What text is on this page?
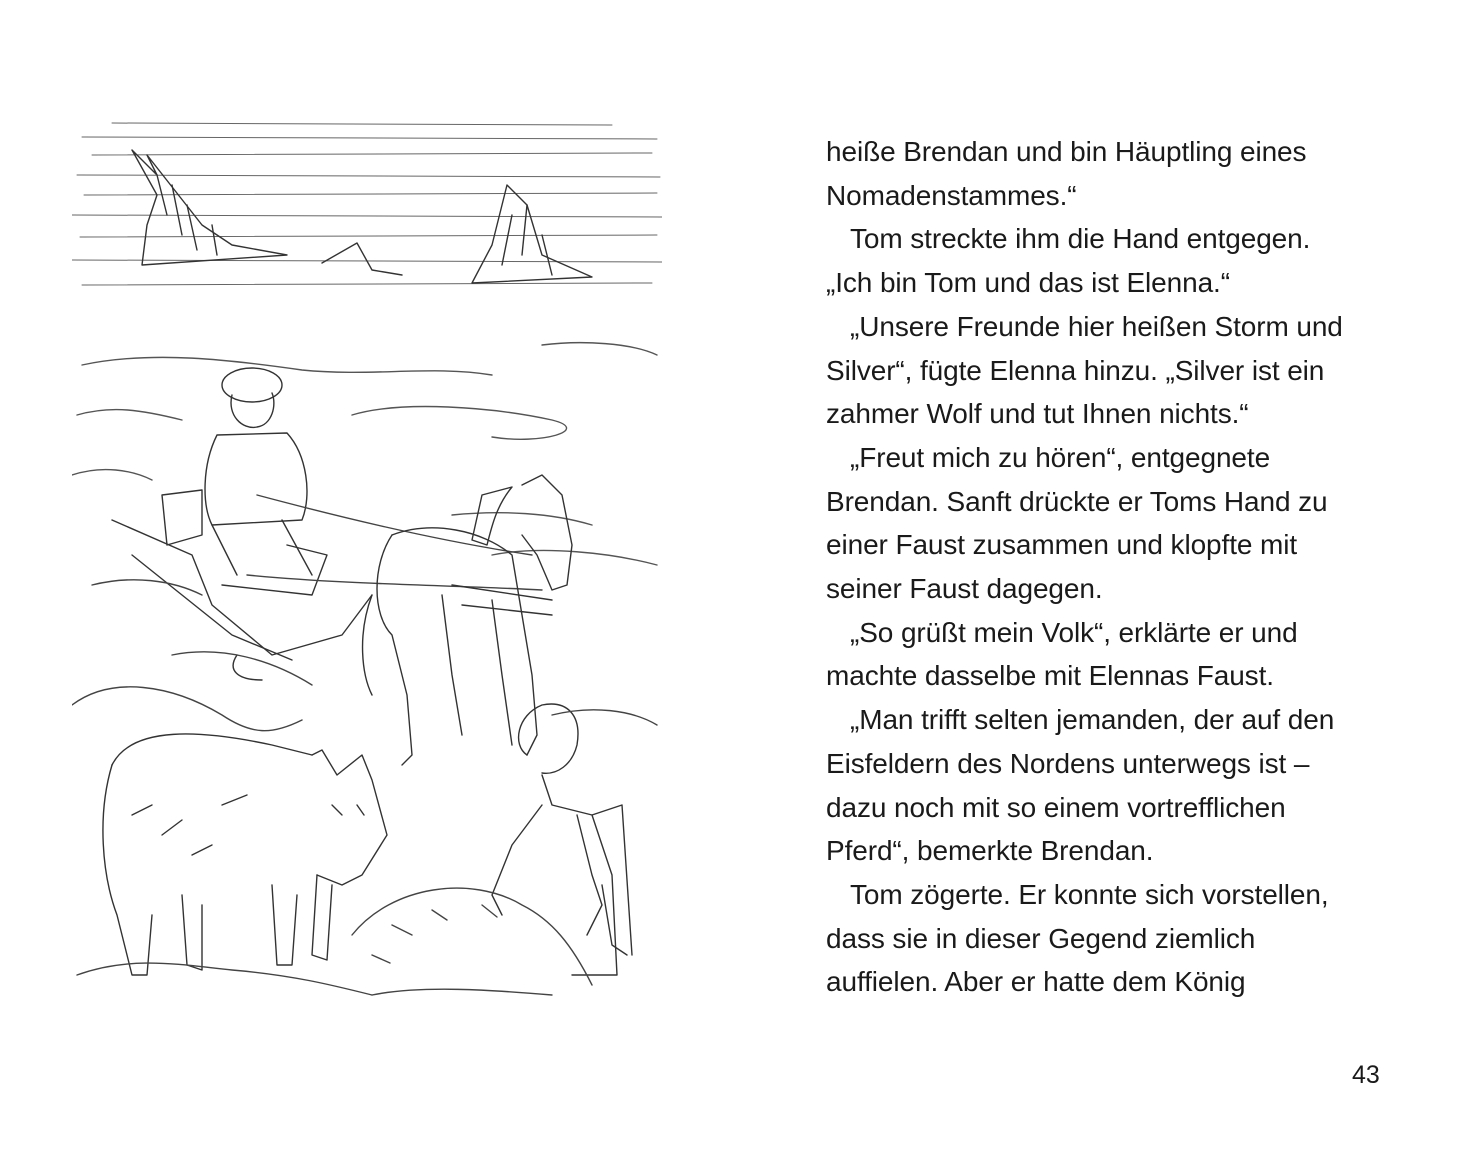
heiße Brendan und bin Häuptling eines
Nomadenstammes.“
Tom streckte ihm die Hand entgegen.
„Ich bin Tom und das ist Elenna.“
„Unsere Freunde hier heißen Storm und
Silver“, fügte Elenna hinzu. „Silver ist ein
zahmer Wolf und tut Ihnen nichts.“
„Freut mich zu hören“, entgegnete
Brendan. Sanft drückte er Toms Hand zu
einer Faust zusammen und klopfte mit
seiner Faust dagegen.
„So grüßt mein Volk“, erklärte er und
machte dasselbe mit Elennas Faust.
„Man trifft selten jemanden, der auf den
Eisfeldern des Nordens unterwegs ist –
dazu noch mit so einem vortrefflichen
Pferd“, bemerkte Brendan.
Tom zögerte. Er konnte sich vorstellen,
dass sie in dieser Gegend ziemlich
auffielen. Aber er hatte dem König
43
